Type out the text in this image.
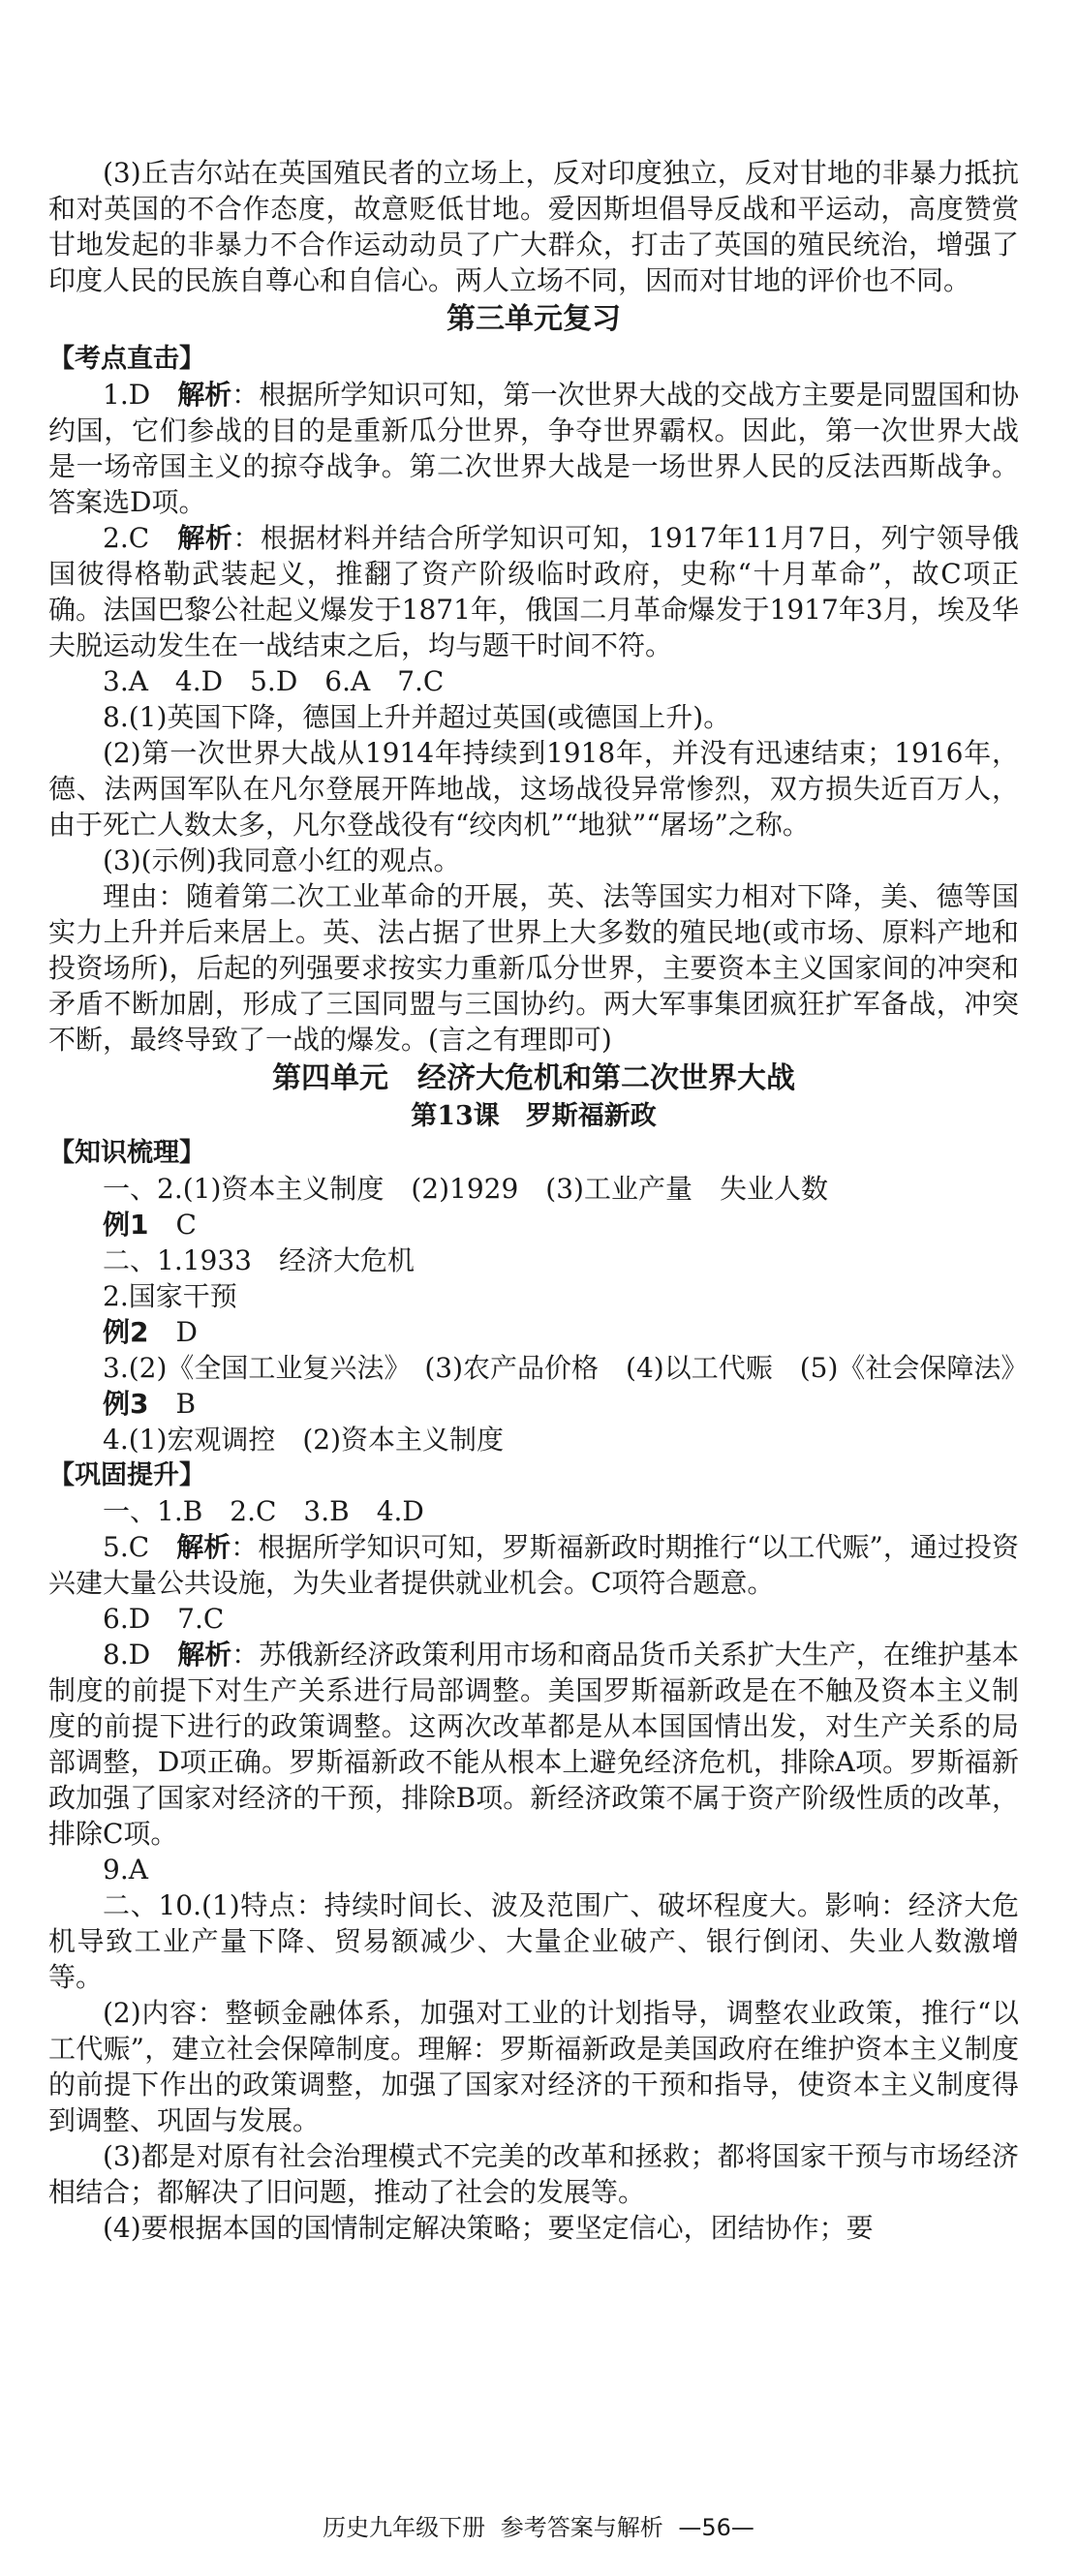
(3)丘吉尔站在英国殖民者的立场上，反对印度独立，反对甘地的非暴力抵抗和对英国的不合作态度，故意贬低甘地。爱因斯坦倡导反战和平运动，高度赞赏甘地发起的非暴力不合作运动动员了广大群众，打击了英国的殖民统治，增强了印度人民的民族自尊心和自信心。两人立场不同，因而对甘地的评价也不同。

第三单元复习

【考点直击】

1.D　 解析：根据所学知识可知，第一次世界大战的交战方主要是同盟国和协约国，它们参战的目的是重新瓜分世界，争夺世界霸权。因此，第一次世界大战是一场帝国主义的掠夺战争。第二次世界大战是一场世界人民的反法西斯战争。答案选D项。

2.C　 解析：根据材料并结合所学知识可知，1917年11月7日，列宁领导俄国彼得格勒武装起义，推翻了资产阶级临时政府，史称“十月革命”，故C项正确。法国巴黎公社起义爆发于1871年，俄国二月革命爆发于1917年3月，埃及华夫脱运动发生在一战结束之后，均与题干时间不符。

3.A　4.D　5.D　6.A　7.C

8.(1)英国下降，德国上升并超过英国(或德国上升)。

(2)第一次世界大战从1914年持续到1918年，并没有迅速结束；1916年，德、法两国军队在凡尔登展开阵地战，这场战役异常惨烈，双方损失近百万人，由于死亡人数太多，凡尔登战役有“绞肉机”“地狱”“屠场”之称。

(3)(示例)我同意小红的观点。

理由：随着第二次工业革命的开展，英、法等国实力相对下降，美、德等国实力上升并后来居上。英、法占据了世界上大多数的殖民地(或市场、原料产地和投资场所)，后起的列强要求按实力重新瓜分世界，主要资本主义国家间的冲突和矛盾不断加剧，形成了三国同盟与三国协约。两大军事集团疯狂扩军备战，冲突不断，最终导致了一战的爆发。(言之有理即可)

第四单元　经济大危机和第二次世界大战

第13课　罗斯福新政

【知识梳理】

一、2.(1)资本主义制度　(2)1929　(3)工业产量　失业人数

例1　 C

二、1.1933　经济大危机

2.国家干预

例2　 D

3.(2)《全国工业复兴法》　(3)农产品价格　(4)以工代赈　(5)《社会保障法》

例3　 B

4.(1)宏观调控　(2)资本主义制度

【巩固提升】

一、1.B　2.C　3.B　4.D

5.C　 解析：根据所学知识可知，罗斯福新政时期推行“以工代赈”，通过投资兴建大量公共设施，为失业者提供就业机会。C项符合题意。

6.D　7.C

8.D　 解析：苏俄新经济政策利用市场和商品货币关系扩大生产，在维护基本制度的前提下对生产关系进行局部调整。美国罗斯福新政是在不触及资本主义制度的前提下进行的政策调整。这两次改革都是从本国国情出发，对生产关系的局部调整，D项正确。罗斯福新政不能从根本上避免经济危机，排除A项。罗斯福新政加强了国家对经济的干预，排除B项。新经济政策不属于资产阶级性质的改革，排除C项。

9.A

二、10.(1)特点：持续时间长、波及范围广、破坏程度大。影响：经济大危机导致工业产量下降、贸易额减少、大量企业破产、银行倒闭、失业人数激增等。

(2)内容：整顿金融体系，加强对工业的计划指导，调整农业政策，推行“以工代赈”，建立社会保障制度。理解：罗斯福新政是美国政府在维护资本主义制度的前提下作出的政策调整，加强了国家对经济的干预和指导，使资本主义制度得到调整、巩固与发展。

(3)都是对原有社会治理模式不完美的改革和拯救；都将国家干预与市场经济相结合；都解决了旧问题，推动了社会的发展等。

(4)要根据本国的国情制定解决策略；要坚定信心，团结协作；要

历史九年级下册 参考答案与解析 —56—
